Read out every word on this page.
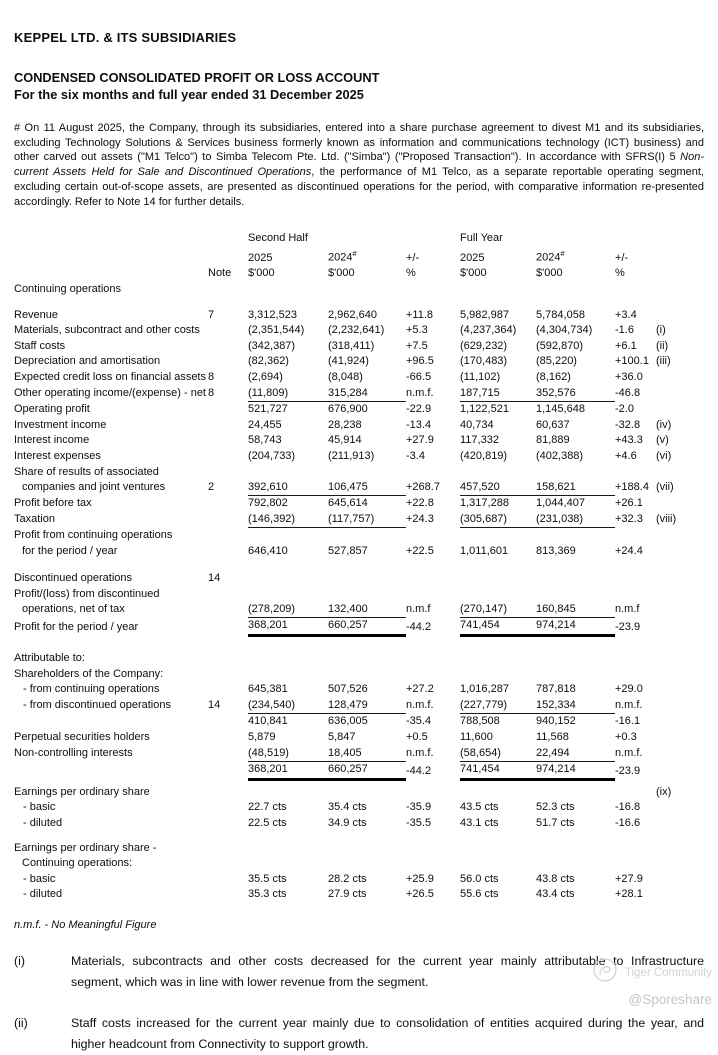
KEPPEL LTD. & ITS SUBSIDIARIES

CONDENSED CONSOLIDATED PROFIT OR LOSS ACCOUNT

For the six months and full year ended 31 December 2025

# On 11 August 2025, the Company, through its subsidiaries, entered into a share purchase agreement to divest M1 and its subsidiaries, excluding Technology Solutions & Services business formerly known as information and communications technology (ICT) business) and other carved out assets ("M1 Telco") to Simba Telecom Pte. Ltd. ("Simba") ("Proposed Transaction"). In accordance with SFRS(I) 5 Non-current Assets Held for Sale and Discontinued Operations, the performance of M1 Telco, as a separate reportable operating segment, excluding certain out-of-scope assets, are presented as discontinued operations for the period, with comparative information re-presented accordingly. Refer to Note 14 for further details.

		Second Half				Full Year			
		2025	2024#	+/-		2025	2024#	+/-	
	Note	$'000	$'000	%		$'000	$'000	%	

Continuing operations									

Revenue	7	3,312,523	2,962,640	+11.8		5,982,987	5,784,058	+3.4	

Materials, subcontract and other costs		(2,351,544)	(2,232,641)	+5.3		(4,237,364)	(4,304,734)	-1.6	(i)

Staff costs		(342,387)	(318,411)	+7.5		(629,232)	(592,870)	+6.1	(ii)

Depreciation and amortisation		(82,362)	(41,924)	+96.5		(170,483)	(85,220)	+100.1	(iii)

Expected credit loss on financial assets	8	(2,694)	(8,048)	-66.5		(11,102)	(8,162)	+36.0	

Other operating income/(expense) - net	8	(11,809)	315,284	n.m.f.		187,715	352,576	-46.8	

Operating profit		521,727	676,900	-22.9		1,122,521	1,145,648	-2.0	

Investment income		24,455	28,238	-13.4		40,734	60,637	-32.8	(iv)

Interest income		58,743	45,914	+27.9		117,332	81,889	+43.3	(v)

Interest expenses		(204,733)	(211,913)	-3.4		(420,819)	(402,388)	+4.6	(vi)

Share of results of associated
companies and joint ventures	2	392,610	106,475	+268.7		457,520	158,621	+188.4	(vii)

Profit before tax		792,802	645,614	+22.8		1,317,288	1,044,407	+26.1	

Taxation		(146,392)	(117,757)	+24.3		(305,687)	(231,038)	+32.3	(viii)

Profit from continuing operations
for the period / year		646,410	527,857	+22.5		1,011,601	813,369	+24.4	

Discontinued operations	14								

Profit/(loss) from discontinued
operations, net of tax		(278,209)	132,400	n.m.f		(270,147)	160,845	n.m.f	

Profit for the period / year		368,201	660,257	-44.2		741,454	974,214	-23.9	

Attributable to:									

Shareholders of the Company:									

- from continuing operations		645,381	507,526	+27.2		1,016,287	787,818	+29.0	

- from discontinued operations	14	(234,540)	128,479	n.m.f.		(227,779)	152,334	n.m.f.	

		410,841	636,005	-35.4		788,508	940,152	-16.1	

Perpetual securities holders		5,879	5,847	+0.5		11,600	11,568	+0.3	

Non-controlling interests		(48,519)	18,405	n.m.f.		(58,654)	22,494	n.m.f.	

		368,201	660,257	-44.2		741,454	974,214	-23.9	

Earnings per ordinary share									(ix)

- basic		22.7 cts	35.4 cts	-35.9		43.5 cts	52.3 cts	-16.8	

- diluted		22.5 cts	34.9 cts	-35.5		43.1 cts	51.7 cts	-16.6	

Earnings per ordinary share -
Continuing operations:									

- basic		35.5 cts	28.2 cts	+25.9		56.0 cts	43.8 cts	+27.9	

- diluted		35.3 cts	27.9 cts	+26.5		55.6 cts	43.4 cts	+28.1	

n.m.f. - No Meaningful Figure

(i)	Materials, subcontracts and other costs decreased for the current year mainly attributable to Infrastructure segment, which was in line with lower revenue from the segment.
(ii)	Staff costs increased for the current year mainly due to consolidation of entities acquired during the year, and higher headcount from Connectivity to support growth.
Tiger Community
@Sporeshare
